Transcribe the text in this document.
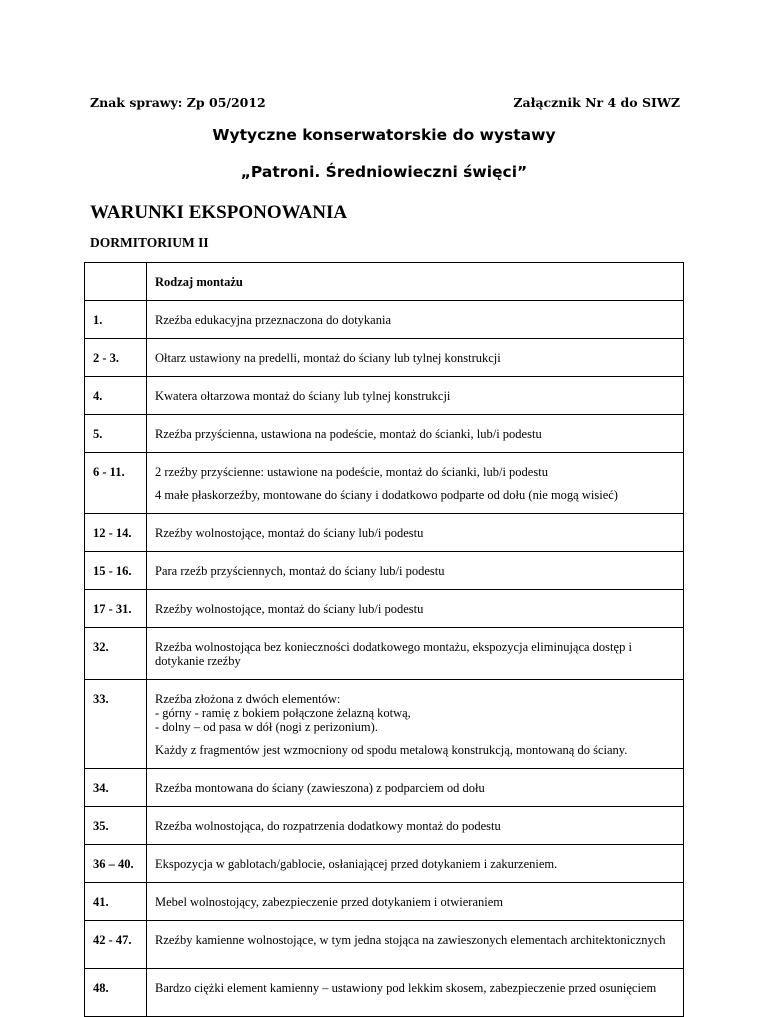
Znak sprawy: Zp 05/2012	Załącznik Nr 4 do SIWZ
Wytyczne konserwatorskie do wystawy
„Patroni. Średniowieczni święci”
WARUNKI EKSPONOWANIA
DORMITORIUM II
	Rodzaj montażu
1.	Rzeźba edukacyjna przeznaczona do dotykania

2 - 3.	Ołtarz ustawiony na predelli, montaż do ściany lub tylnej konstrukcji

4.	Kwatera ołtarzowa montaż do ściany lub tylnej konstrukcji

5.	Rzeźba przyścienna, ustawiona na podeście, montaż do ścianki, lub/i podestu

6 - 11.	2 rzeźby przyścienne: ustawione na podeście, montaż do ścianki, lub/i podestu

4 małe płaskorzeźby, montowane do ściany i dodatkowo podparte od dołu (nie mogą wisieć)

12 - 14.	Rzeźby wolnostojące, montaż do ściany lub/i podestu

15 - 16.	Para rzeźb przyściennych, montaż do ściany lub/i podestu

17 - 31.	Rzeźby wolnostojące, montaż do ściany lub/i podestu

32.	Rzeźba wolnostojąca bez konieczności dodatkowego montażu, ekspozycja eliminująca dostęp i dotykanie rzeźby

33.	Rzeźba złożona z dwóch elementów:
- górny - ramię z bokiem połączone żelazną kotwą,
- dolny – od pasa w dół (nogi z perizonium).

Każdy z fragmentów jest wzmocniony od spodu metalową konstrukcją, montowaną do ściany.

34.	Rzeźba montowana do ściany (zawieszona) z podparciem od dołu

35.	Rzeźba wolnostojąca, do rozpatrzenia dodatkowy montaż do podestu

36 – 40.	Ekspozycja w gablotach/gablocie, osłaniającej przed dotykaniem i zakurzeniem.

41.	Mebel wolnostojący, zabezpieczenie przed dotykaniem i otwieraniem

42 - 47.	Rzeźby kamienne wolnostojące, w tym jedna stojąca na zawieszonych elementach architektonicznych

48.	Bardzo ciężki element kamienny – ustawiony pod lekkim skosem, zabezpieczenie przed osunięciem
